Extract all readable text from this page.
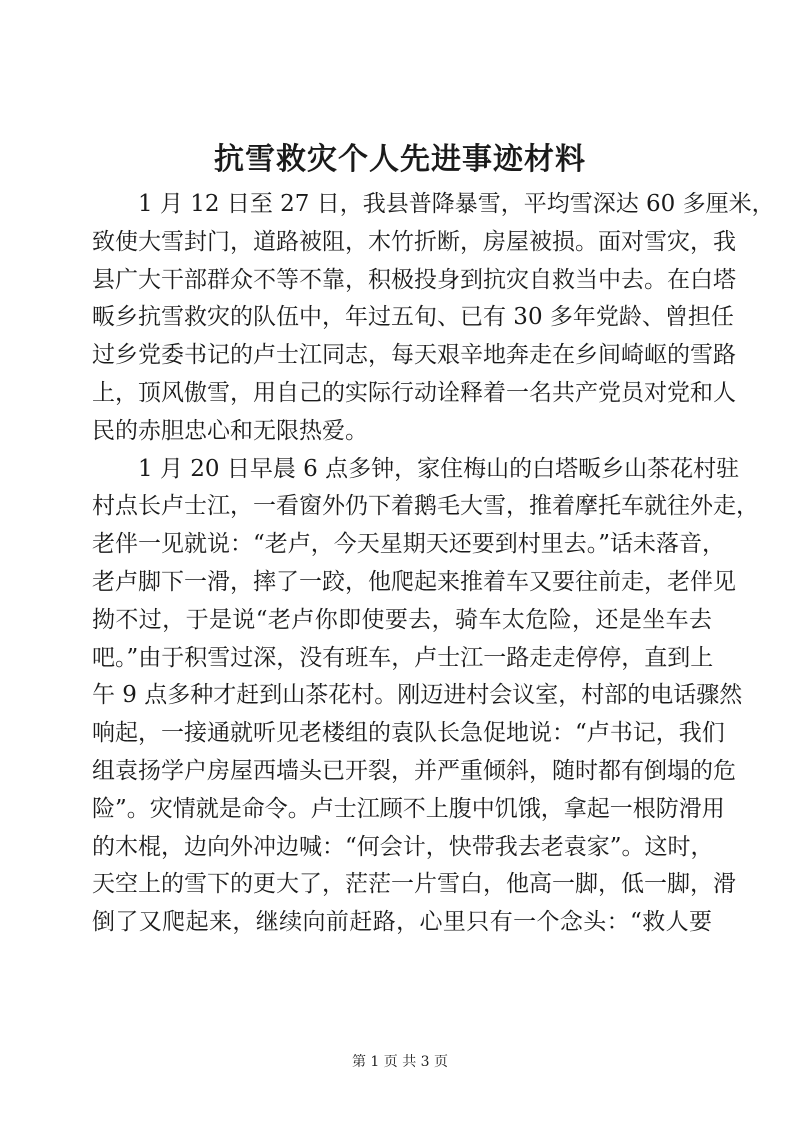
抗雪救灾个人先进事迹材料
1 月 12 日至 27 日，我县普降暴雪，平均雪深达 60 多厘米，
致使大雪封门，道路被阻，木竹折断，房屋被损。面对雪灾，我
县广大干部群众不等不靠，积极投身到抗灾自救当中去。在白塔
畈乡抗雪救灾的队伍中，年过五旬、已有 30 多年党龄、曾担任
过乡党委书记的卢士江同志，每天艰辛地奔走在乡间崎岖的雪路
上，顶风傲雪，用自己的实际行动诠释着一名共产党员对党和人
民的赤胆忠心和无限热爱。
1 月 20 日早晨 6 点多钟，家住梅山的白塔畈乡山茶花村驻
村点长卢士江，一看窗外仍下着鹅毛大雪，推着摩托车就往外走，
老伴一见就说：“老卢，今天星期天还要到村里去。”话未落音，
老卢脚下一滑，摔了一跤，他爬起来推着车又要往前走，老伴见
拗不过，于是说“老卢你即使要去，骑车太危险，还是坐车去
吧。”由于积雪过深，没有班车，卢士江一路走走停停，直到上
午 9 点多种才赶到山茶花村。刚迈进村会议室，村部的电话骤然
响起，一接通就听见老楼组的袁队长急促地说：“卢书记，我们
组袁扬学户房屋西墙头已开裂，并严重倾斜，随时都有倒塌的危
险”。灾情就是命令。卢士江顾不上腹中饥饿，拿起一根防滑用
的木棍，边向外冲边喊：“何会计，快带我去老袁家”。这时，
天空上的雪下的更大了，茫茫一片雪白，他高一脚，低一脚，滑
倒了又爬起来，继续向前赶路，心里只有一个念头：“救人要
第 1 页 共 3 页
